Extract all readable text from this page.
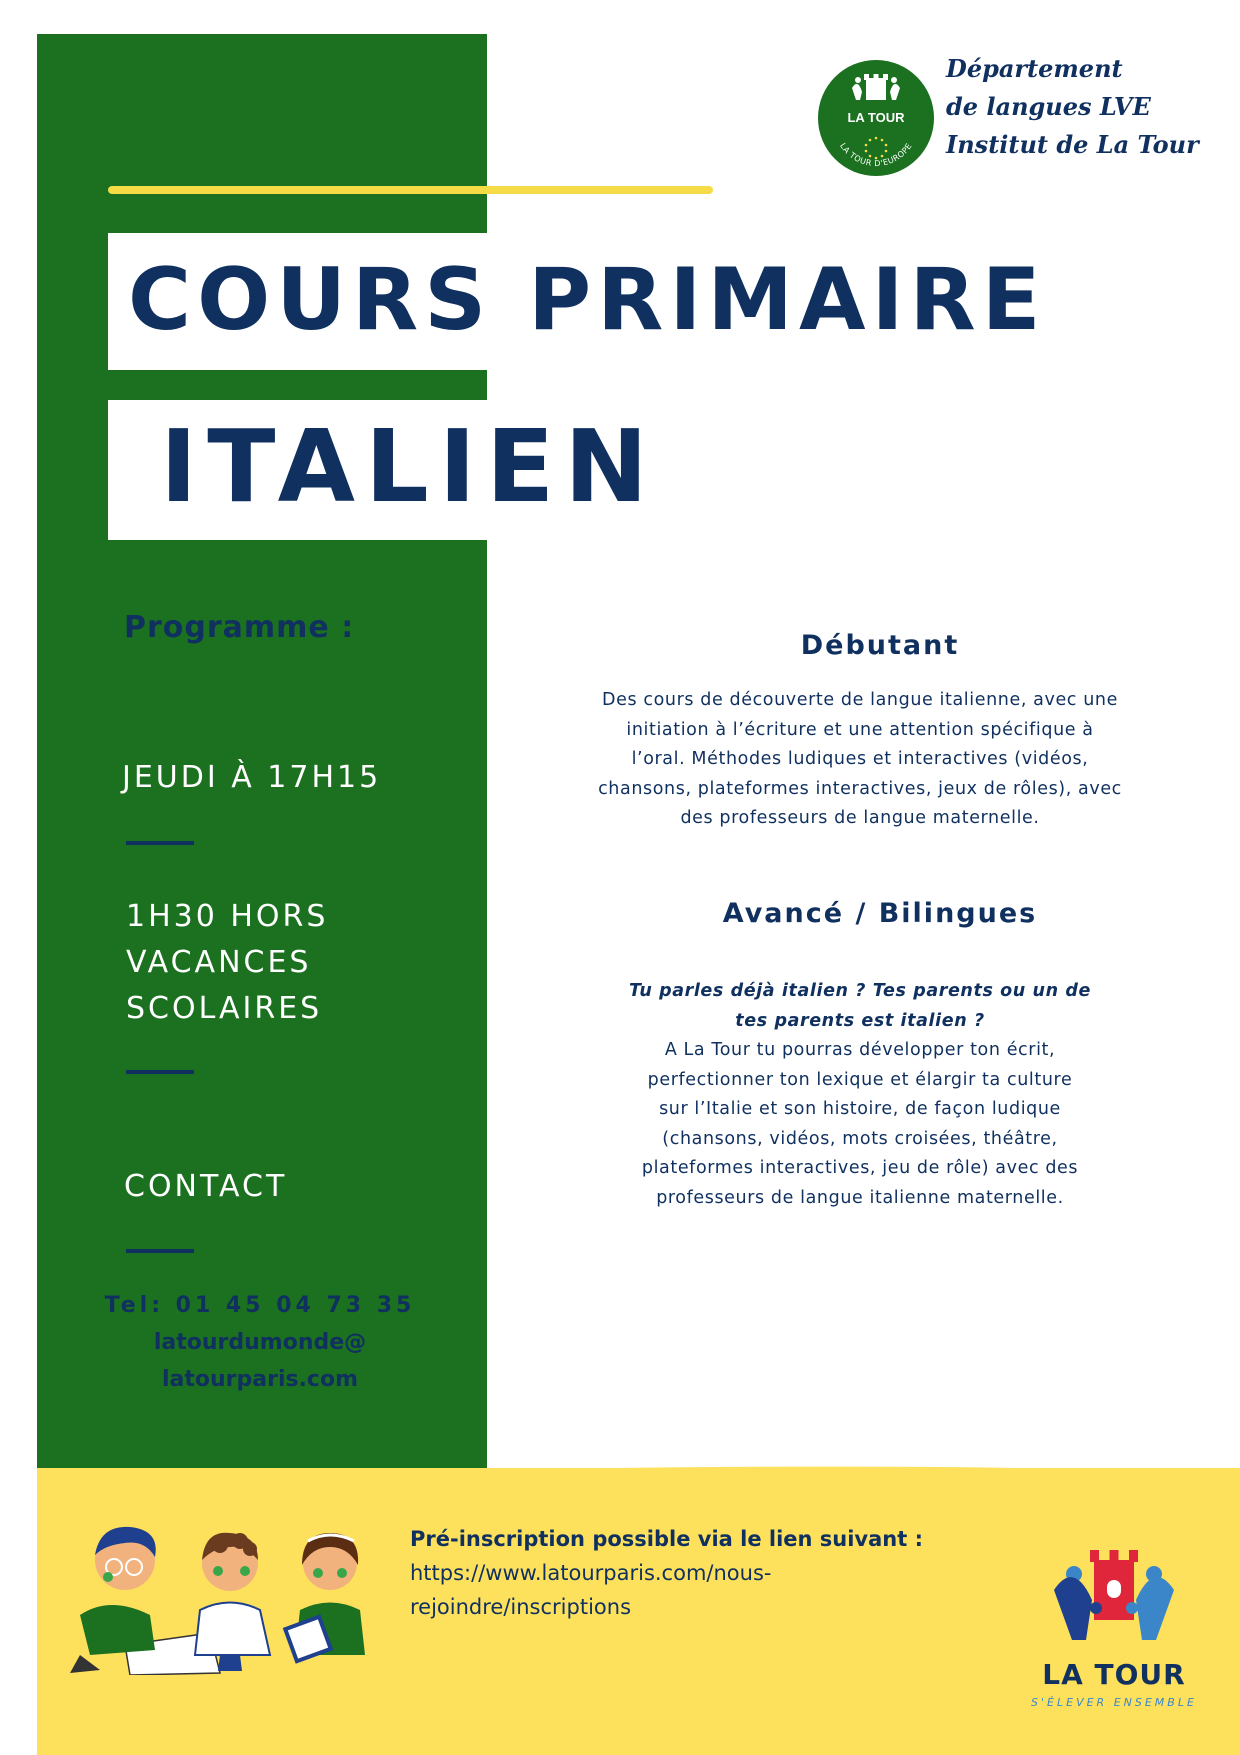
LA TOUR
LA TOUR D'EUROPE
Département
de langues LVE
Institut de La Tour
COURS PRIMAIRE
ITALIEN
Programme :
JEUDI À 17H15
1H30 HORS
VACANCES
SCOLAIRES
CONTACT
Tel: 01 45 04 73 35
latourdumonde@
latourparis.com
Débutant
Des cours de découverte de langue italienne, avec une
initiation à l’écriture et une attention spécifique à
l’oral. Méthodes ludiques et interactives (vidéos,
chansons, plateformes interactives, jeux de rôles), avec
des professeurs de langue maternelle.
Avancé / Bilingues
Tu parles déjà italien ? Tes parents ou un de
tes parents est italien ?
A La Tour tu pourras développer ton écrit,
perfectionner ton lexique et élargir ta culture
sur l’Italie et son histoire, de façon ludique
(chansons, vidéos, mots croisées, théâtre,
plateformes interactives, jeu de rôle) avec des
professeurs de langue italienne maternelle.
Pré-inscription possible via le lien suivant :
https://www.latourparis.com/nous-
rejoindre/inscriptions
LA TOUR
S'ÉLEVER ENSEMBLE
